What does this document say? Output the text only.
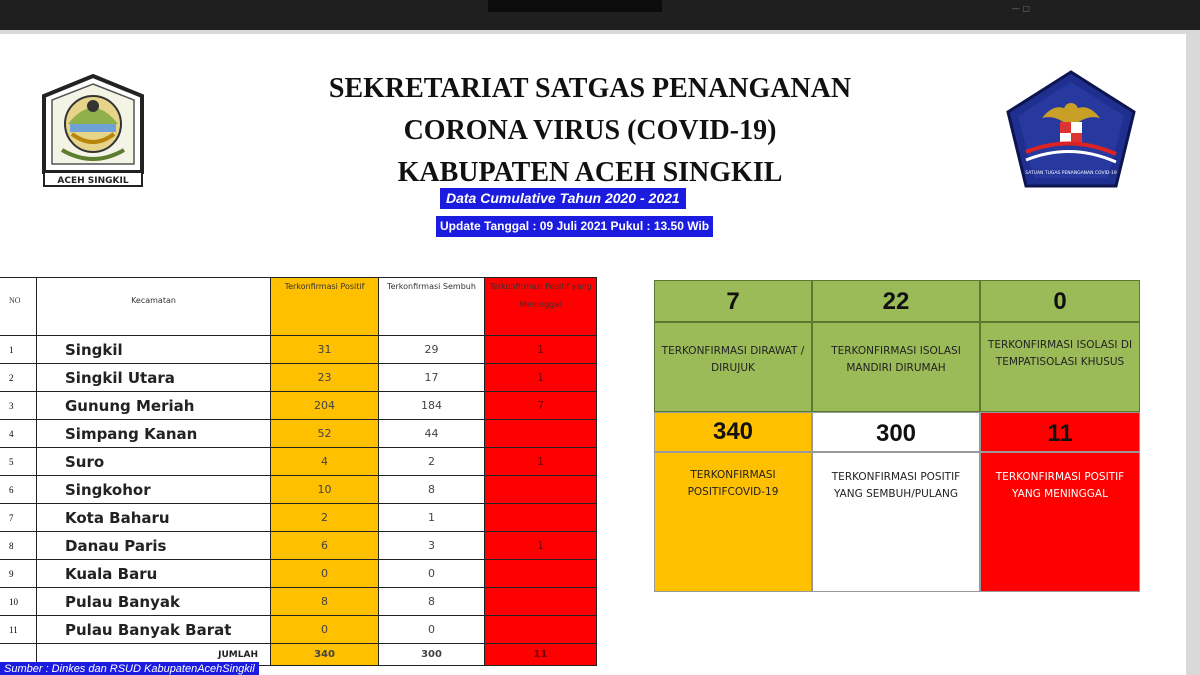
— ▢
ACEH SINGKIL
SEKRETARIAT SATGAS PENANGANAN
CORONA VIRUS (COVID-19)
KABUPATEN ACEH SINGKIL
Data Cumulative Tahun 2020 - 2021
Update Tanggal : 09 Juli 2021 Pukul : 13.50 Wib
SATUAN TUGAS PENANGANAN COVID-19
NO	Kecamatan	Terkonfirmasi Positif	Terkonfirmasi Sembuh	Terkonfirmasi Positif yang Meninggal
1	Singkil	31	29	1
2	Singkil Utara	23	17	1
3	Gunung Meriah	204	184	7
4	Simpang Kanan	52	44	
5	Suro	4	2	1
6	Singkohor	10	8	
7	Kota Baharu	2	1	
8	Danau Paris	6	3	1
9	Kuala Baru	0	0	
10	Pulau Banyak	8	8	
11	Pulau Banyak Barat	0	0	
	JUMLAH	340	300	11
Sumber : Dinkes dan RSUD KabupatenAcehSingkil
7	22	0
TERKONFIRMASI DIRAWAT / DIRUJUK
TERKONFIRMASI ISOLASI MANDIRI DIRUMAH
TERKONFIRMASI ISOLASI DI TEMPATISOLASI KHUSUS
340	300	11
TERKONFIRMASI POSITIFCOVID-19
TERKONFIRMASI POSITIF YANG SEMBUH/PULANG
TERKONFIRMASI POSITIF YANG MENINGGAL
